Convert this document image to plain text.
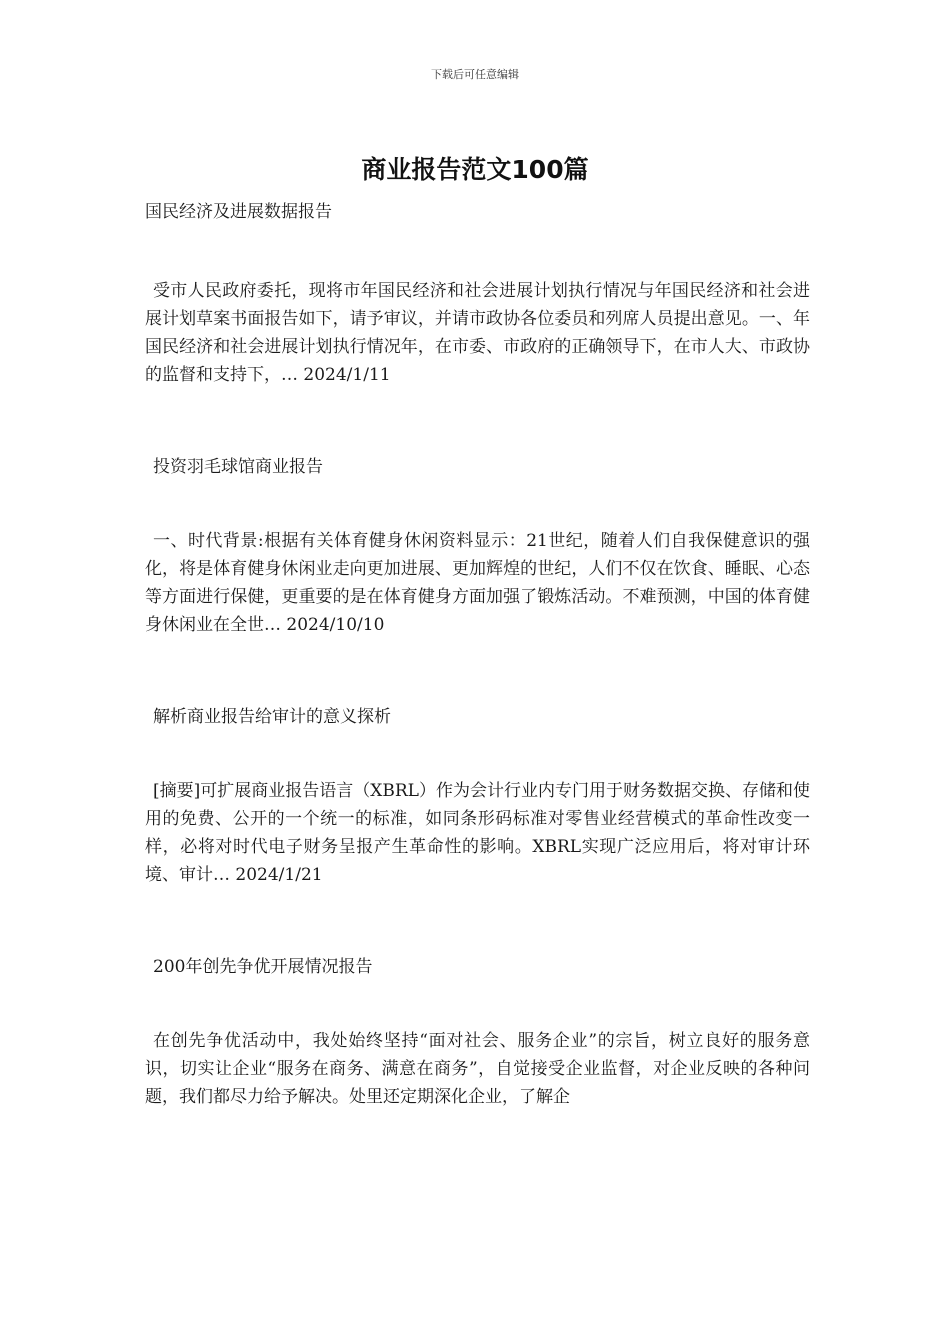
下载后可任意编辑
商业报告范文100篇

国民经济及进展数据报告

受市人民政府委托，现将市年国民经济和社会进展计划执行情况与年国民经济和社会进展计划草案书面报告如下，请予审议，并请市政协各位委员和列席人员提出意见。一、年国民经济和社会进展计划执行情况年，在市委、市政府的正确领导下，在市人大、市政协的监督和支持下，… 2024/1/11

投资羽毛球馆商业报告

一、时代背景:根据有关体育健身休闲资料显示：21世纪，随着人们自我保健意识的强化，将是体育健身休闲业走向更加进展、更加辉煌的世纪，人们不仅在饮食、睡眠、心态等方面进行保健，更重要的是在体育健身方面加强了锻炼活动。不难预测，中国的体育健身休闲业在全世… 2024/10/10

解析商业报告给审计的意义探析

[摘要]可扩展商业报告语言（XBRL）作为会计行业内专门用于财务数据交换、存储和使用的免费、公开的一个统一的标准，如同条形码标准对零售业经营模式的革命性改变一样，必将对时代电子财务呈报产生革命性的影响。XBRL实现广泛应用后，将对审计环境、审计… 2024/1/21

200年创先争优开展情况报告

在创先争优活动中，我处始终坚持“面对社会、服务企业”的宗旨，树立良好的服务意识，切实让企业“服务在商务、满意在商务”，自觉接受企业监督，对企业反映的各种问题，我们都尽力给予解决。处里还定期深化企业，了解企
